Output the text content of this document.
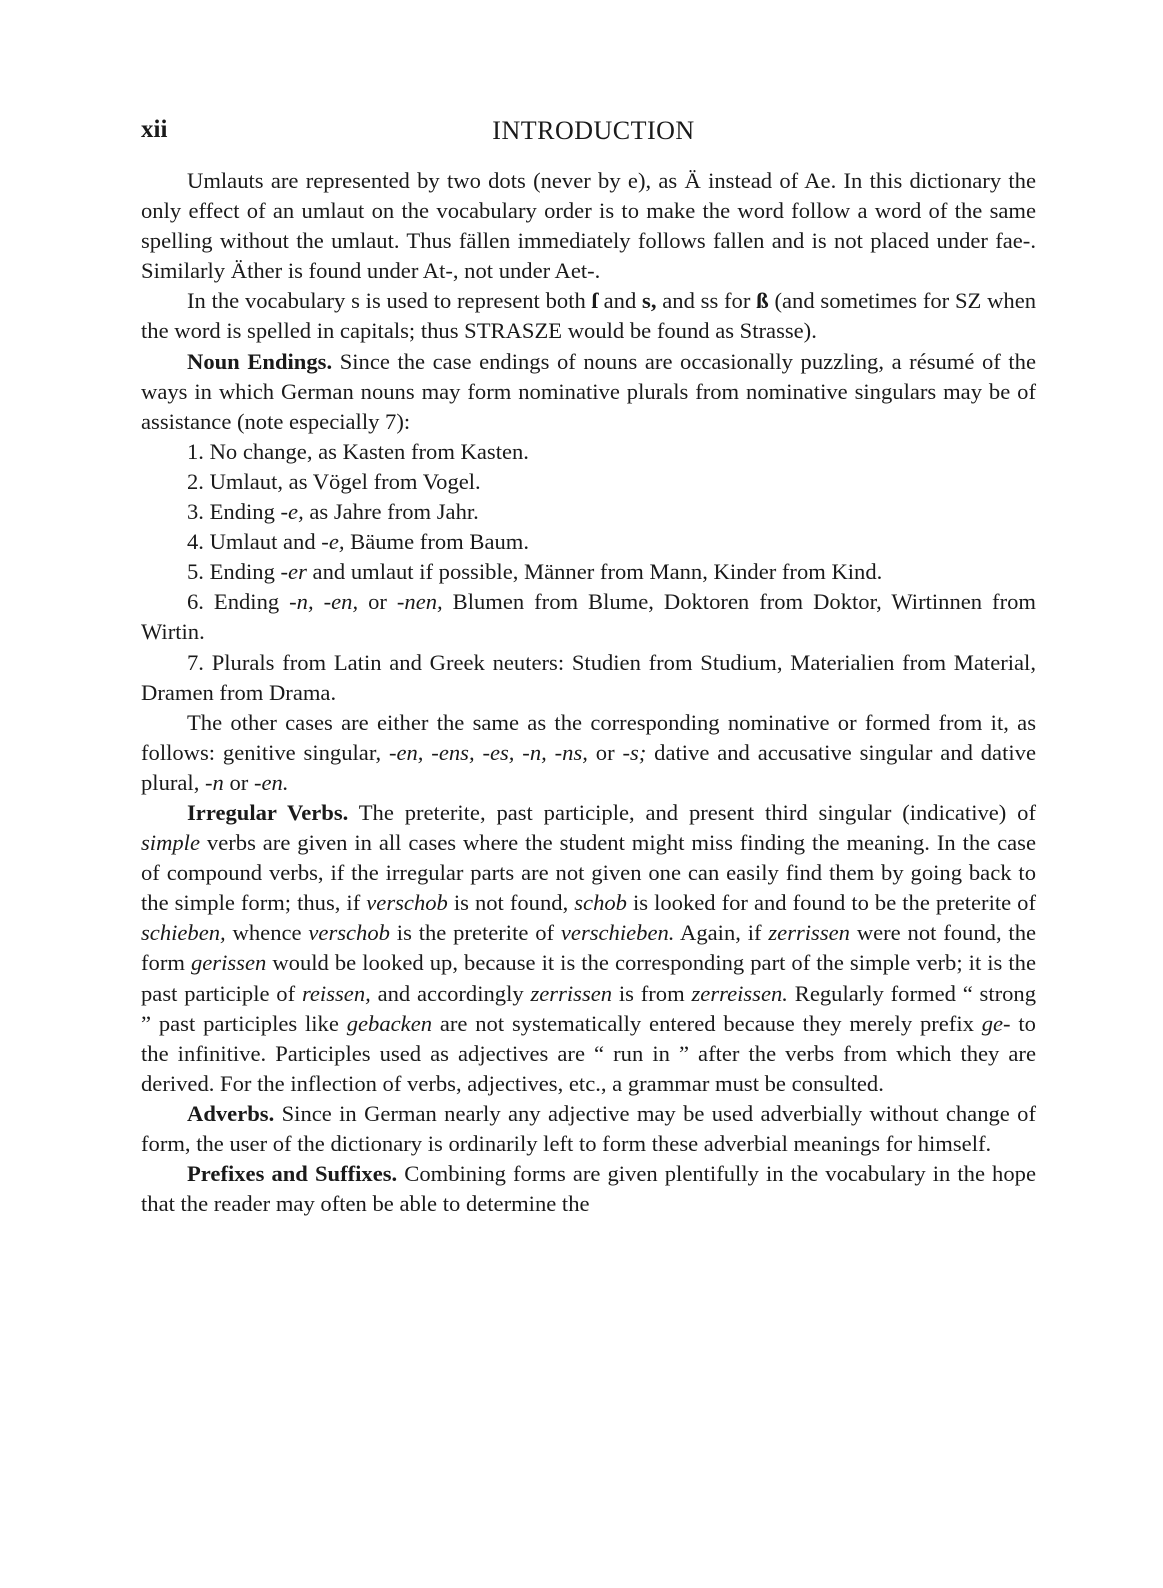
xii	INTRODUCTION

Umlauts are represented by two dots (never by e), as Ä instead of Ae. In this dictionary the only effect of an umlaut on the vocabulary order is to make the word follow a word of the same spelling without the umlaut. Thus fällen immediately follows fallen and is not placed under fae-. Similarly Äther is found under At-, not under Aet-.

In the vocabulary s is used to represent both ſ and s, and ss for ß (and sometimes for SZ when the word is spelled in capitals; thus STRASZE would be found as Strasse).

Noun Endings. Since the case endings of nouns are occasionally puzzling, a résumé of the ways in which German nouns may form nominative plurals from nominative singulars may be of assistance (note especially 7):

1. No change, as Kasten from Kasten.

2. Umlaut, as Vögel from Vogel.

3. Ending -e, as Jahre from Jahr.

4. Umlaut and -e, Bäume from Baum.

5. Ending -er and umlaut if possible, Männer from Mann, Kinder from Kind.

6. Ending -n, -en, or -nen, Blumen from Blume, Doktoren from Doktor, Wirtinnen from Wirtin.

7. Plurals from Latin and Greek neuters: Studien from Studium, Materialien from Material, Dramen from Drama.

The other cases are either the same as the corresponding nominative or formed from it, as follows: genitive singular, -en, -ens, -es, -n, -ns, or -s; dative and accusative singular and dative plural, -n or -en.

Irregular Verbs. The preterite, past participle, and present third singular (indicative) of simple verbs are given in all cases where the student might miss finding the meaning. In the case of compound verbs, if the irregular parts are not given one can easily find them by going back to the simple form; thus, if verschob is not found, schob is looked for and found to be the preterite of schieben, whence verschob is the preterite of verschieben. Again, if zerrissen were not found, the form gerissen would be looked up, because it is the corresponding part of the simple verb; it is the past participle of reissen, and accordingly zerrissen is from zerreissen. Regularly formed “ strong ” past participles like gebacken are not systematically entered because they merely prefix ge- to the infinitive. Participles used as adjectives are “ run in ” after the verbs from which they are derived. For the inflection of verbs, adjectives, etc., a grammar must be consulted.

Adverbs. Since in German nearly any adjective may be used adverbially without change of form, the user of the dictionary is ordinarily left to form these adverbial meanings for himself.

Prefixes and Suffixes. Combining forms are given plentifully in the vocabulary in the hope that the reader may often be able to determine the
